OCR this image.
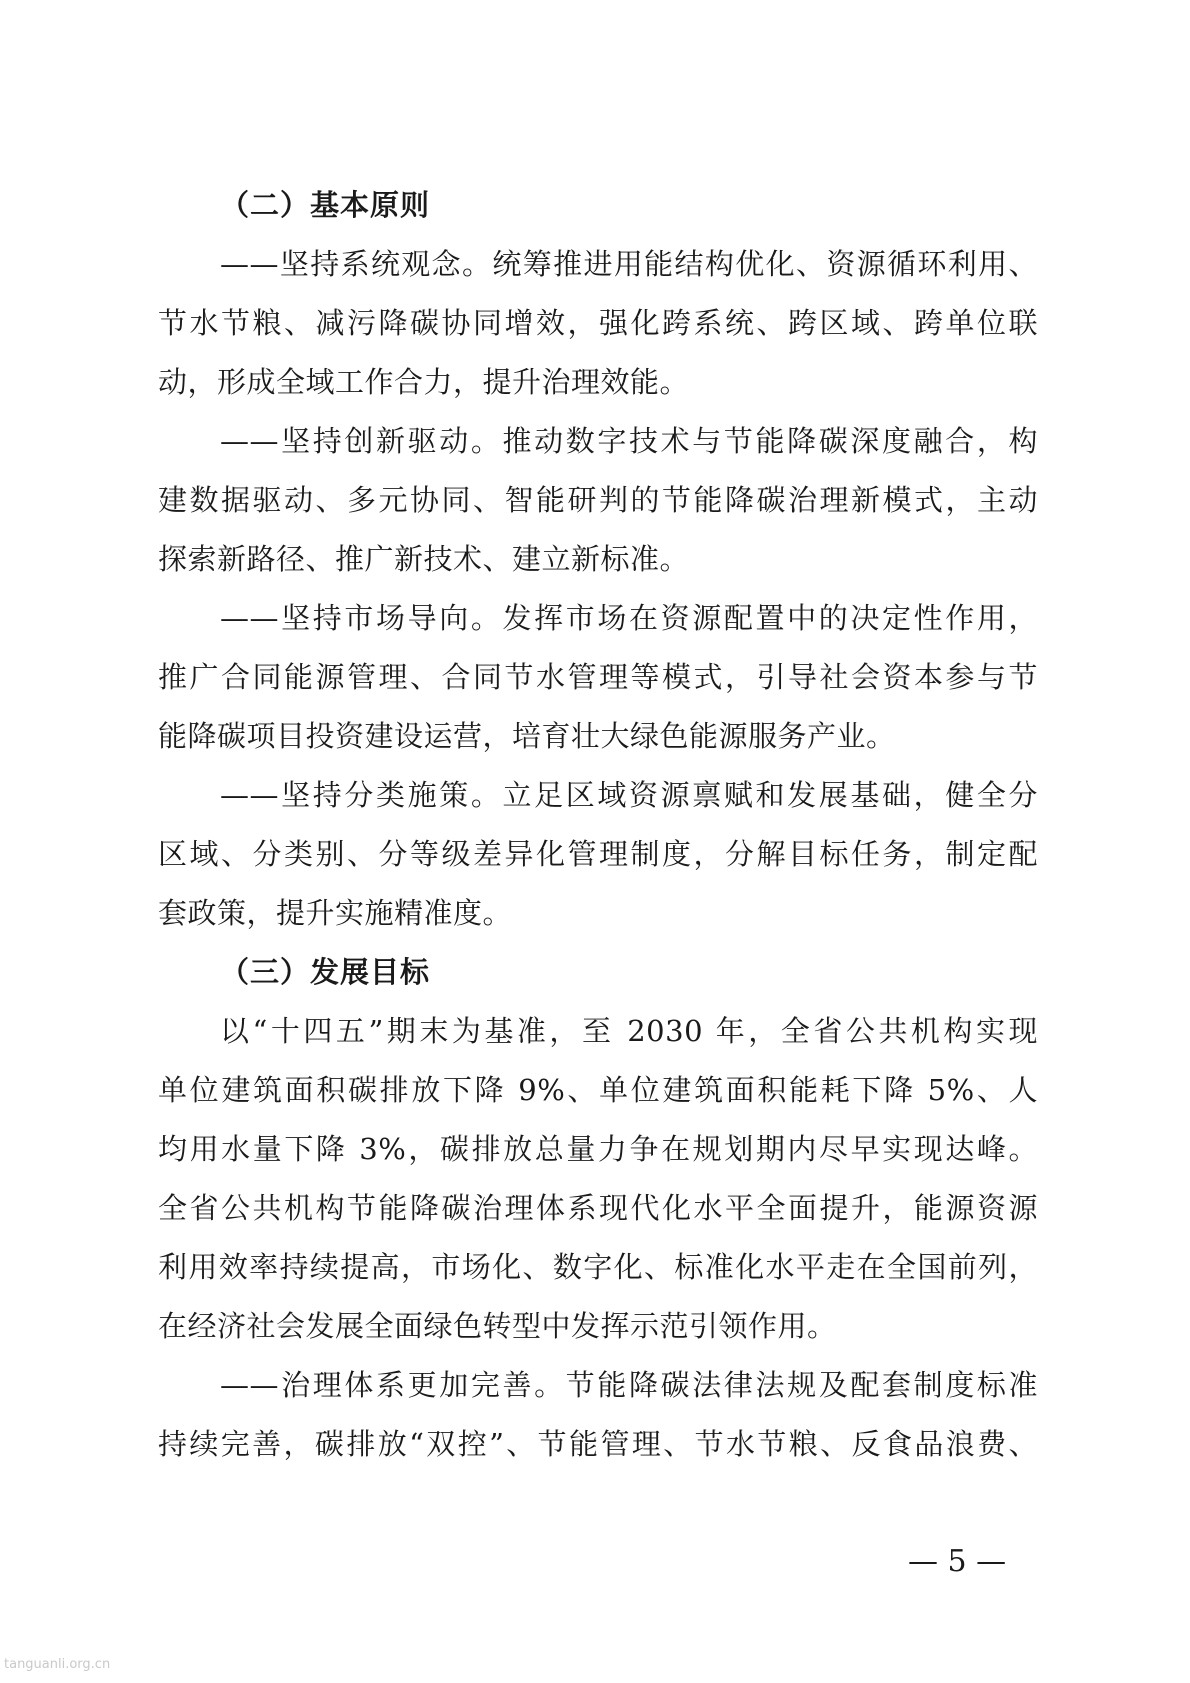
（二）基本原则
——坚持系统观念。统筹推进用能结构优化、资源循环利用、
节水节粮、减污降碳协同增效，强化跨系统、跨区域、跨单位联
动，形成全域工作合力，提升治理效能。
——坚持创新驱动。推动数字技术与节能降碳深度融合，构
建数据驱动、多元协同、智能研判的节能降碳治理新模式，主动
探索新路径、推广新技术、建立新标准。
——坚持市场导向。发挥市场在资源配置中的决定性作用，
推广合同能源管理、合同节水管理等模式，引导社会资本参与节
能降碳项目投资建设运营，培育壮大绿色能源服务产业。
——坚持分类施策。立足区域资源禀赋和发展基础，健全分
区域、分类别、分等级差异化管理制度，分解目标任务，制定配
套政策，提升实施精准度。
（三）发展目标
以“十四五”期末为基准，至 2030 年，全省公共机构实现
单位建筑面积碳排放下降 9%、单位建筑面积能耗下降 5%、人
均用水量下降 3%，碳排放总量力争在规划期内尽早实现达峰。
全省公共机构节能降碳治理体系现代化水平全面提升，能源资源
利用效率持续提高，市场化、数字化、标准化水平走在全国前列，
在经济社会发展全面绿色转型中发挥示范引领作用。
——治理体系更加完善。节能降碳法律法规及配套制度标准
持续完善，碳排放“双控”、节能管理、节水节粮、反食品浪费、
— 5 —
tanguanli.org.cn
